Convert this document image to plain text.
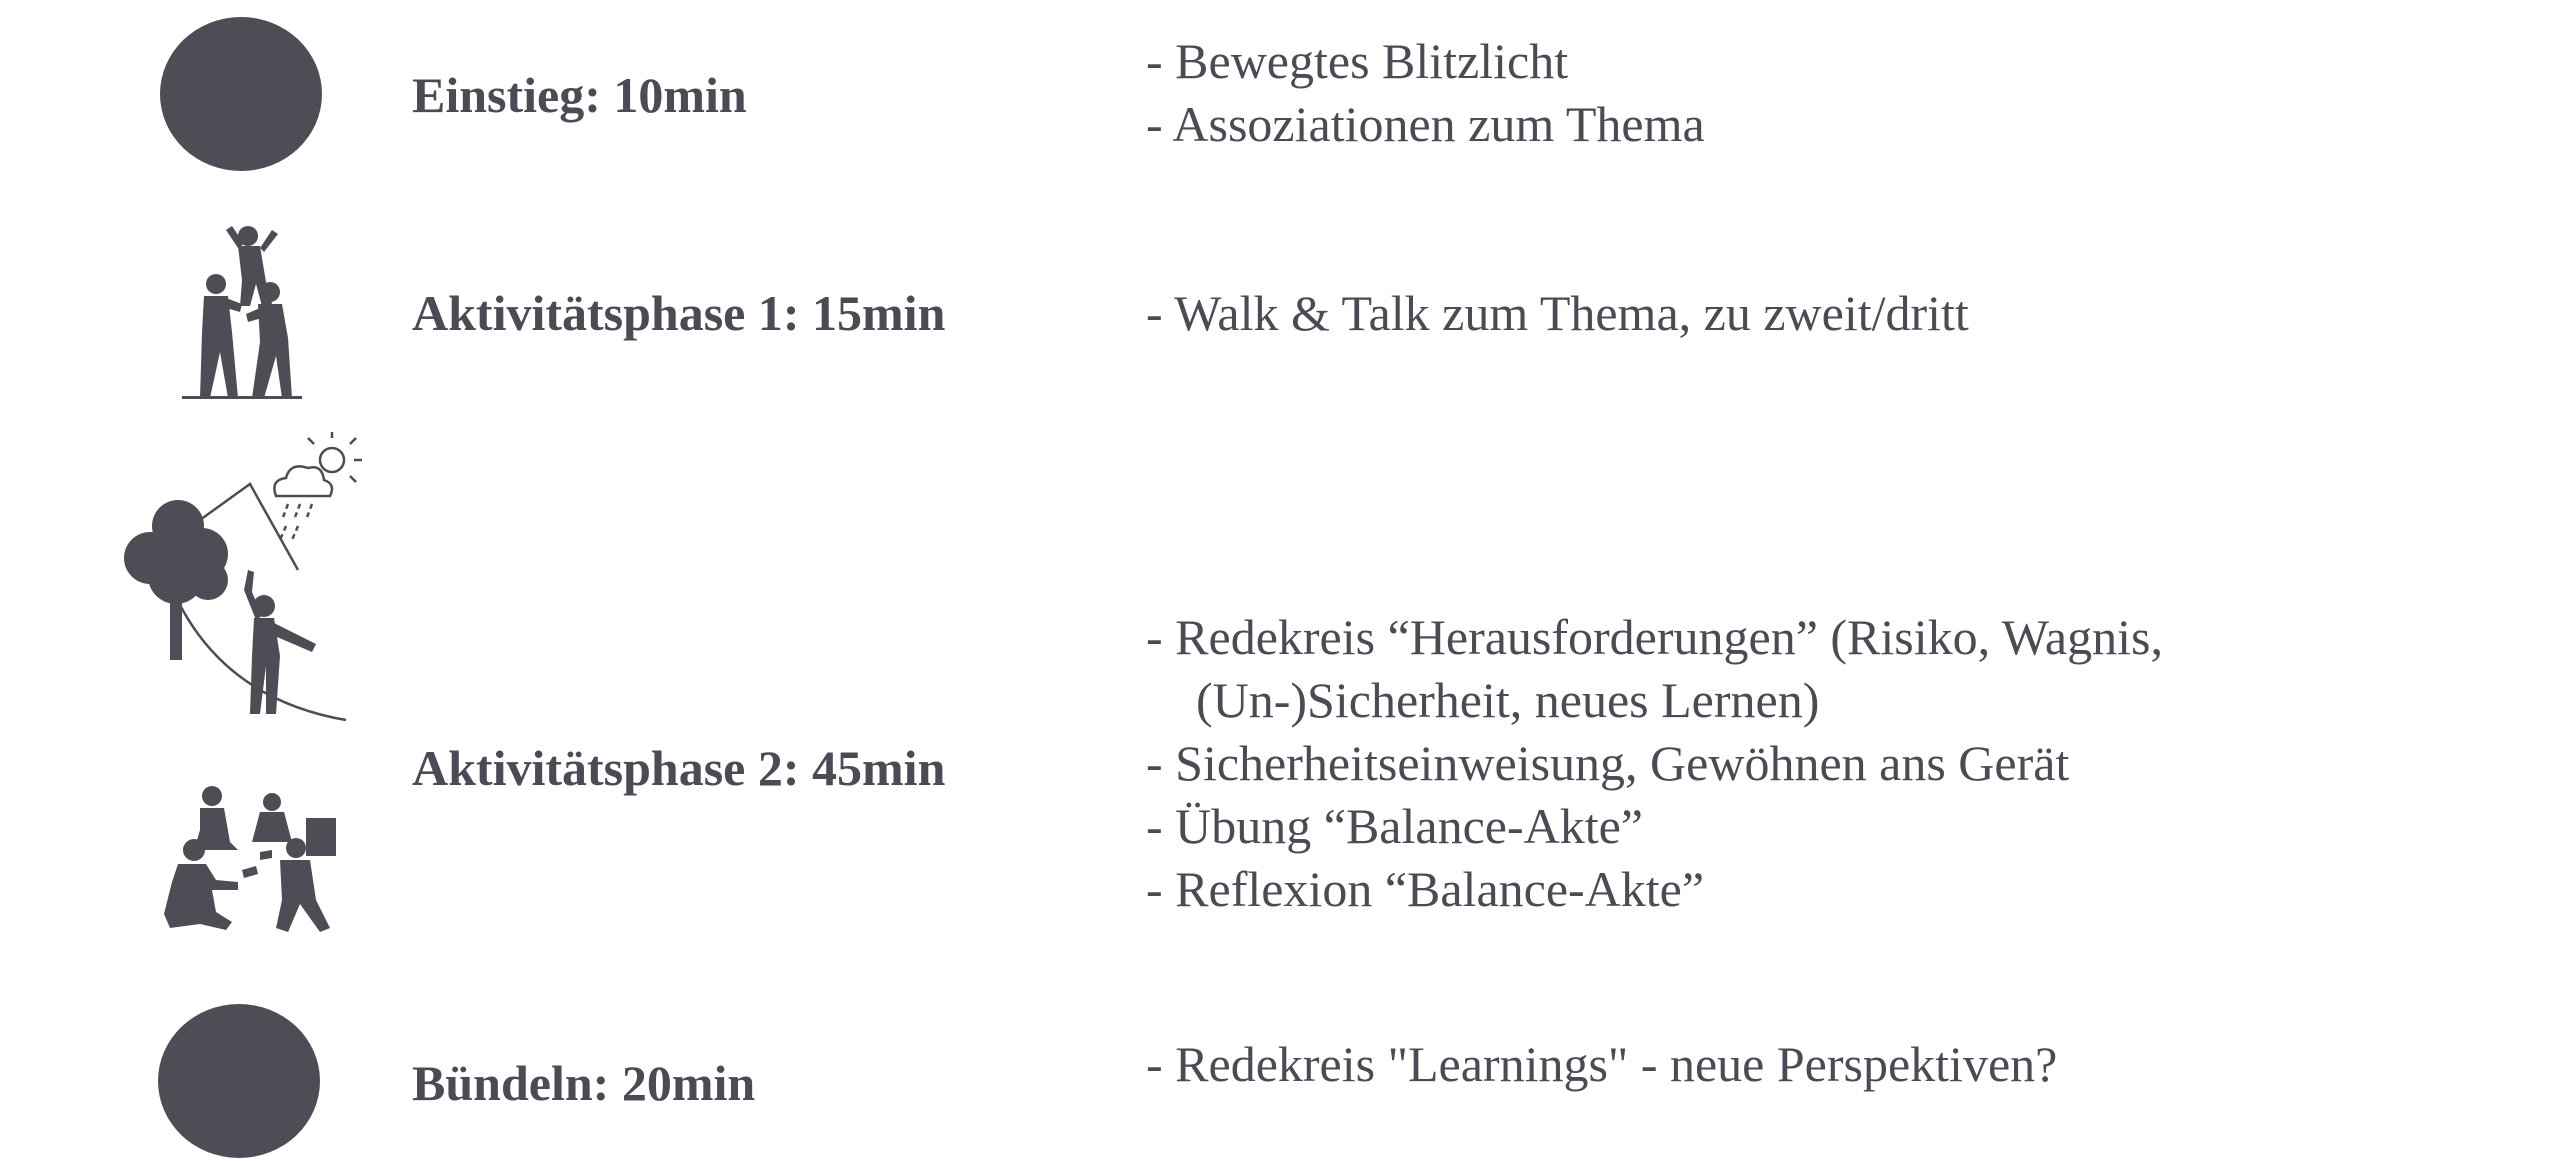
Einstieg: 10min
- Bewegtes Blitzlicht
- Assoziationen zum Thema
Aktivitätsphase 1: 15min	- Walk & Talk zum Thema, zu zweit/dritt
Aktivitätsphase 2: 45min
- Redekreis “Herausforderungen” (Risiko, Wagnis,
(Un-)Sicherheit, neues Lernen)
- Sicherheitseinweisung, Gewöhnen ans Gerät
- Übung “Balance-Akte”
- Reflexion “Balance-Akte”
Bündeln: 20min	- Redekreis "Learnings" - neue Perspektiven?
